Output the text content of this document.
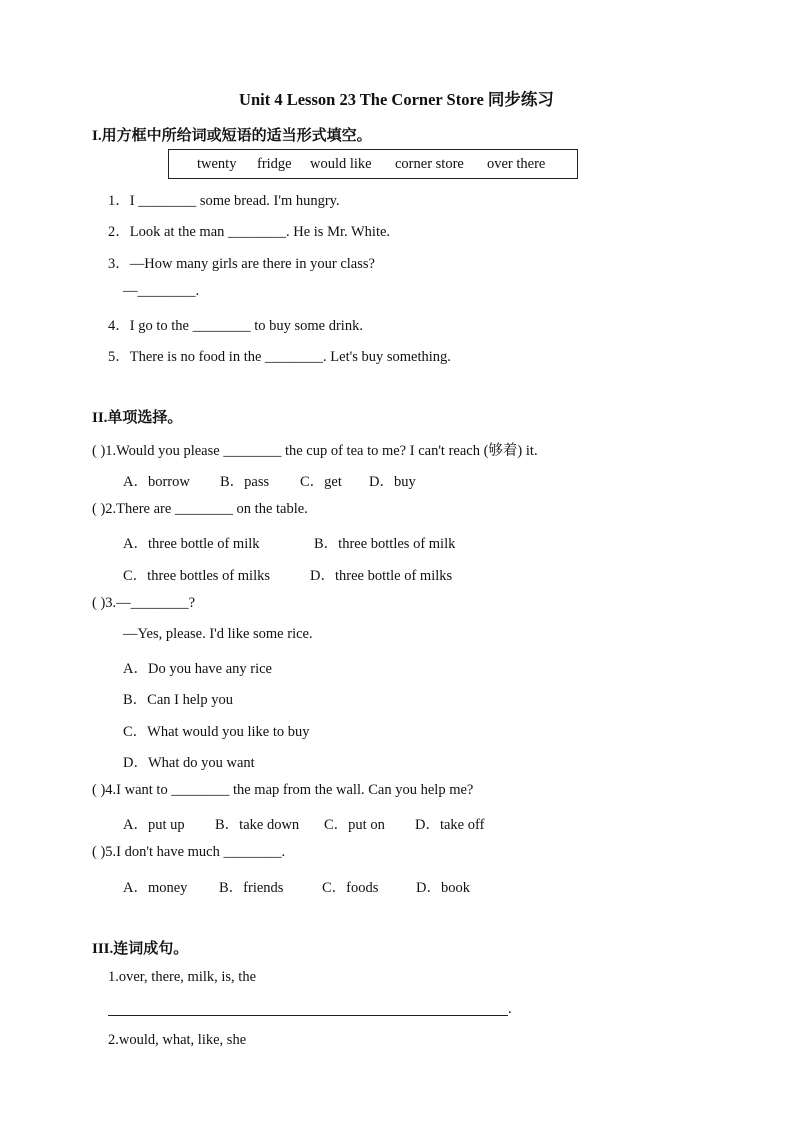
Unit 4 Lesson 23 The Corner Store 同步练习
I.用方框中所给词或短语的适当形式填空。
twenty fridge would like corner store over there
1．I ________ some bread. I'm hungry.
2．Look at the man ________. He is Mr. White.
3．—How many girls are there in your class?
—________.
4．I go to the ________ to buy some drink.
5．There is no food in the ________. Let's buy something.
II.单项选择。
( )1.Would you please ________ the cup of tea to me? I can't reach (够着) it.
A．borrow B．pass C．get D．buy
( )2.There are ________ on the table.
A．three bottle of milk	B．three bottles of milk
C．three bottles of milks	D．three bottle of milks
( )3.—________?
—Yes, please. I'd like some rice.
A．Do you have any rice
B．Can I help you
C．What would you like to buy
D．What do you want
( )4.I want to ________ the map from the wall. Can you help me?
A．put up B．take down C．put on D．take off
( )5.I don't have much ________.
A．money B．friends	C．foods	D．book
III.连词成句。
1.over, there, milk, is, the
.
2.would, what, like, she
